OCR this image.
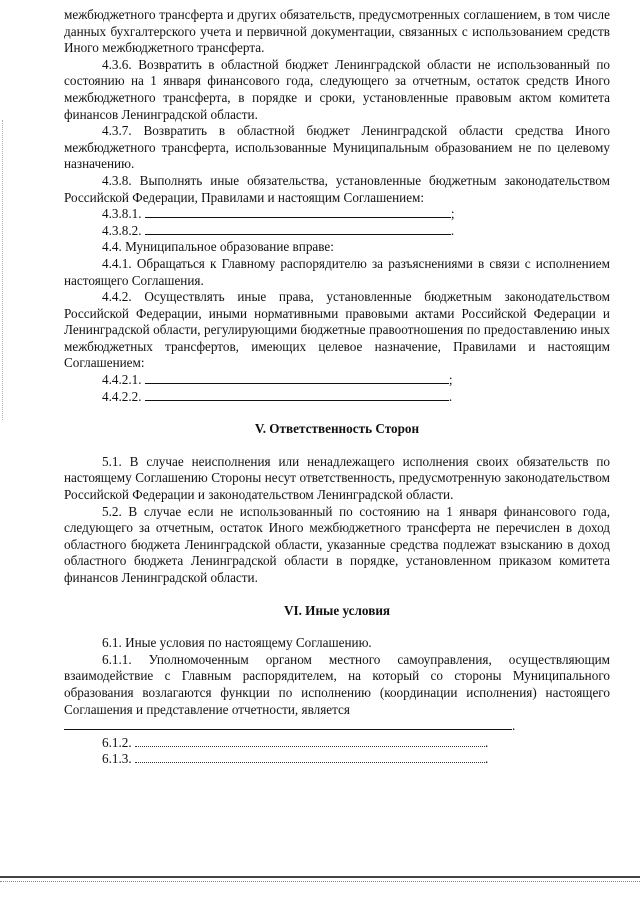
межбюджетного трансферта и других обязательств, предусмотренных соглашением, в том числе данных бухгалтерского учета и первичной документации, связанных с использованием средств Иного межбюджетного трансферта.

4.3.6. Возвратить в областной бюджет Ленинградской области не использованный по состоянию на 1 января финансового года, следующего за отчетным, остаток средств Иного межбюджетного трансферта, в порядке и сроки, установленные правовым актом комитета финансов Ленинградской области.

4.3.7. Возвратить в областной бюджет Ленинградской области средства Иного межбюджетного трансферта, использованные Муниципальным образованием не по целевому назначению.

4.3.8. Выполнять иные обязательства, установленные бюджетным законодательством Российской Федерации, Правилами и настоящим Соглашением:

4.3.8.1.	;

4.3.8.2.	.

4.4. Муниципальное образование вправе:

4.4.1. Обращаться к Главному распорядителю за разъяснениями в связи с исполнением настоящего Соглашения.

4.4.2. Осуществлять иные права, установленные бюджетным законодательством Российской Федерации, иными нормативными правовыми актами Российской Федерации и Ленинградской области, регулирующими бюджетные правоотношения по предоставлению иных межбюджетных трансфертов, имеющих целевое назначение, Правилами и настоящим Соглашением:

4.4.2.1.	;

4.4.2.2.	.

V. Ответственность Сторон

5.1. В случае неисполнения или ненадлежащего исполнения своих обязательств по настоящему Соглашению Стороны несут ответственность, предусмотренную законодательством Российской Федерации и законодательством Ленинградской области.

5.2. В случае если не использованный по состоянию на 1 января финансового года, следующего за отчетным, остаток Иного межбюджетного трансферта не перечислен в доход областного бюджета Ленинградской области, указанные средства подлежат взысканию в доход областного бюджета Ленинградской области в порядке, установленном приказом комитета финансов Ленинградской области.

VI. Иные условия

6.1. Иные условия по настоящему Соглашению.

6.1.1. Уполномоченным органом местного самоуправления, осуществляющим взаимодействие с Главным распорядителем, на который со стороны Муниципального образования возлагаются функции по исполнению (координации исполнения) настоящего Соглашения и представление отчетности, является

.

6.1.2.	.

6.1.3.	.
